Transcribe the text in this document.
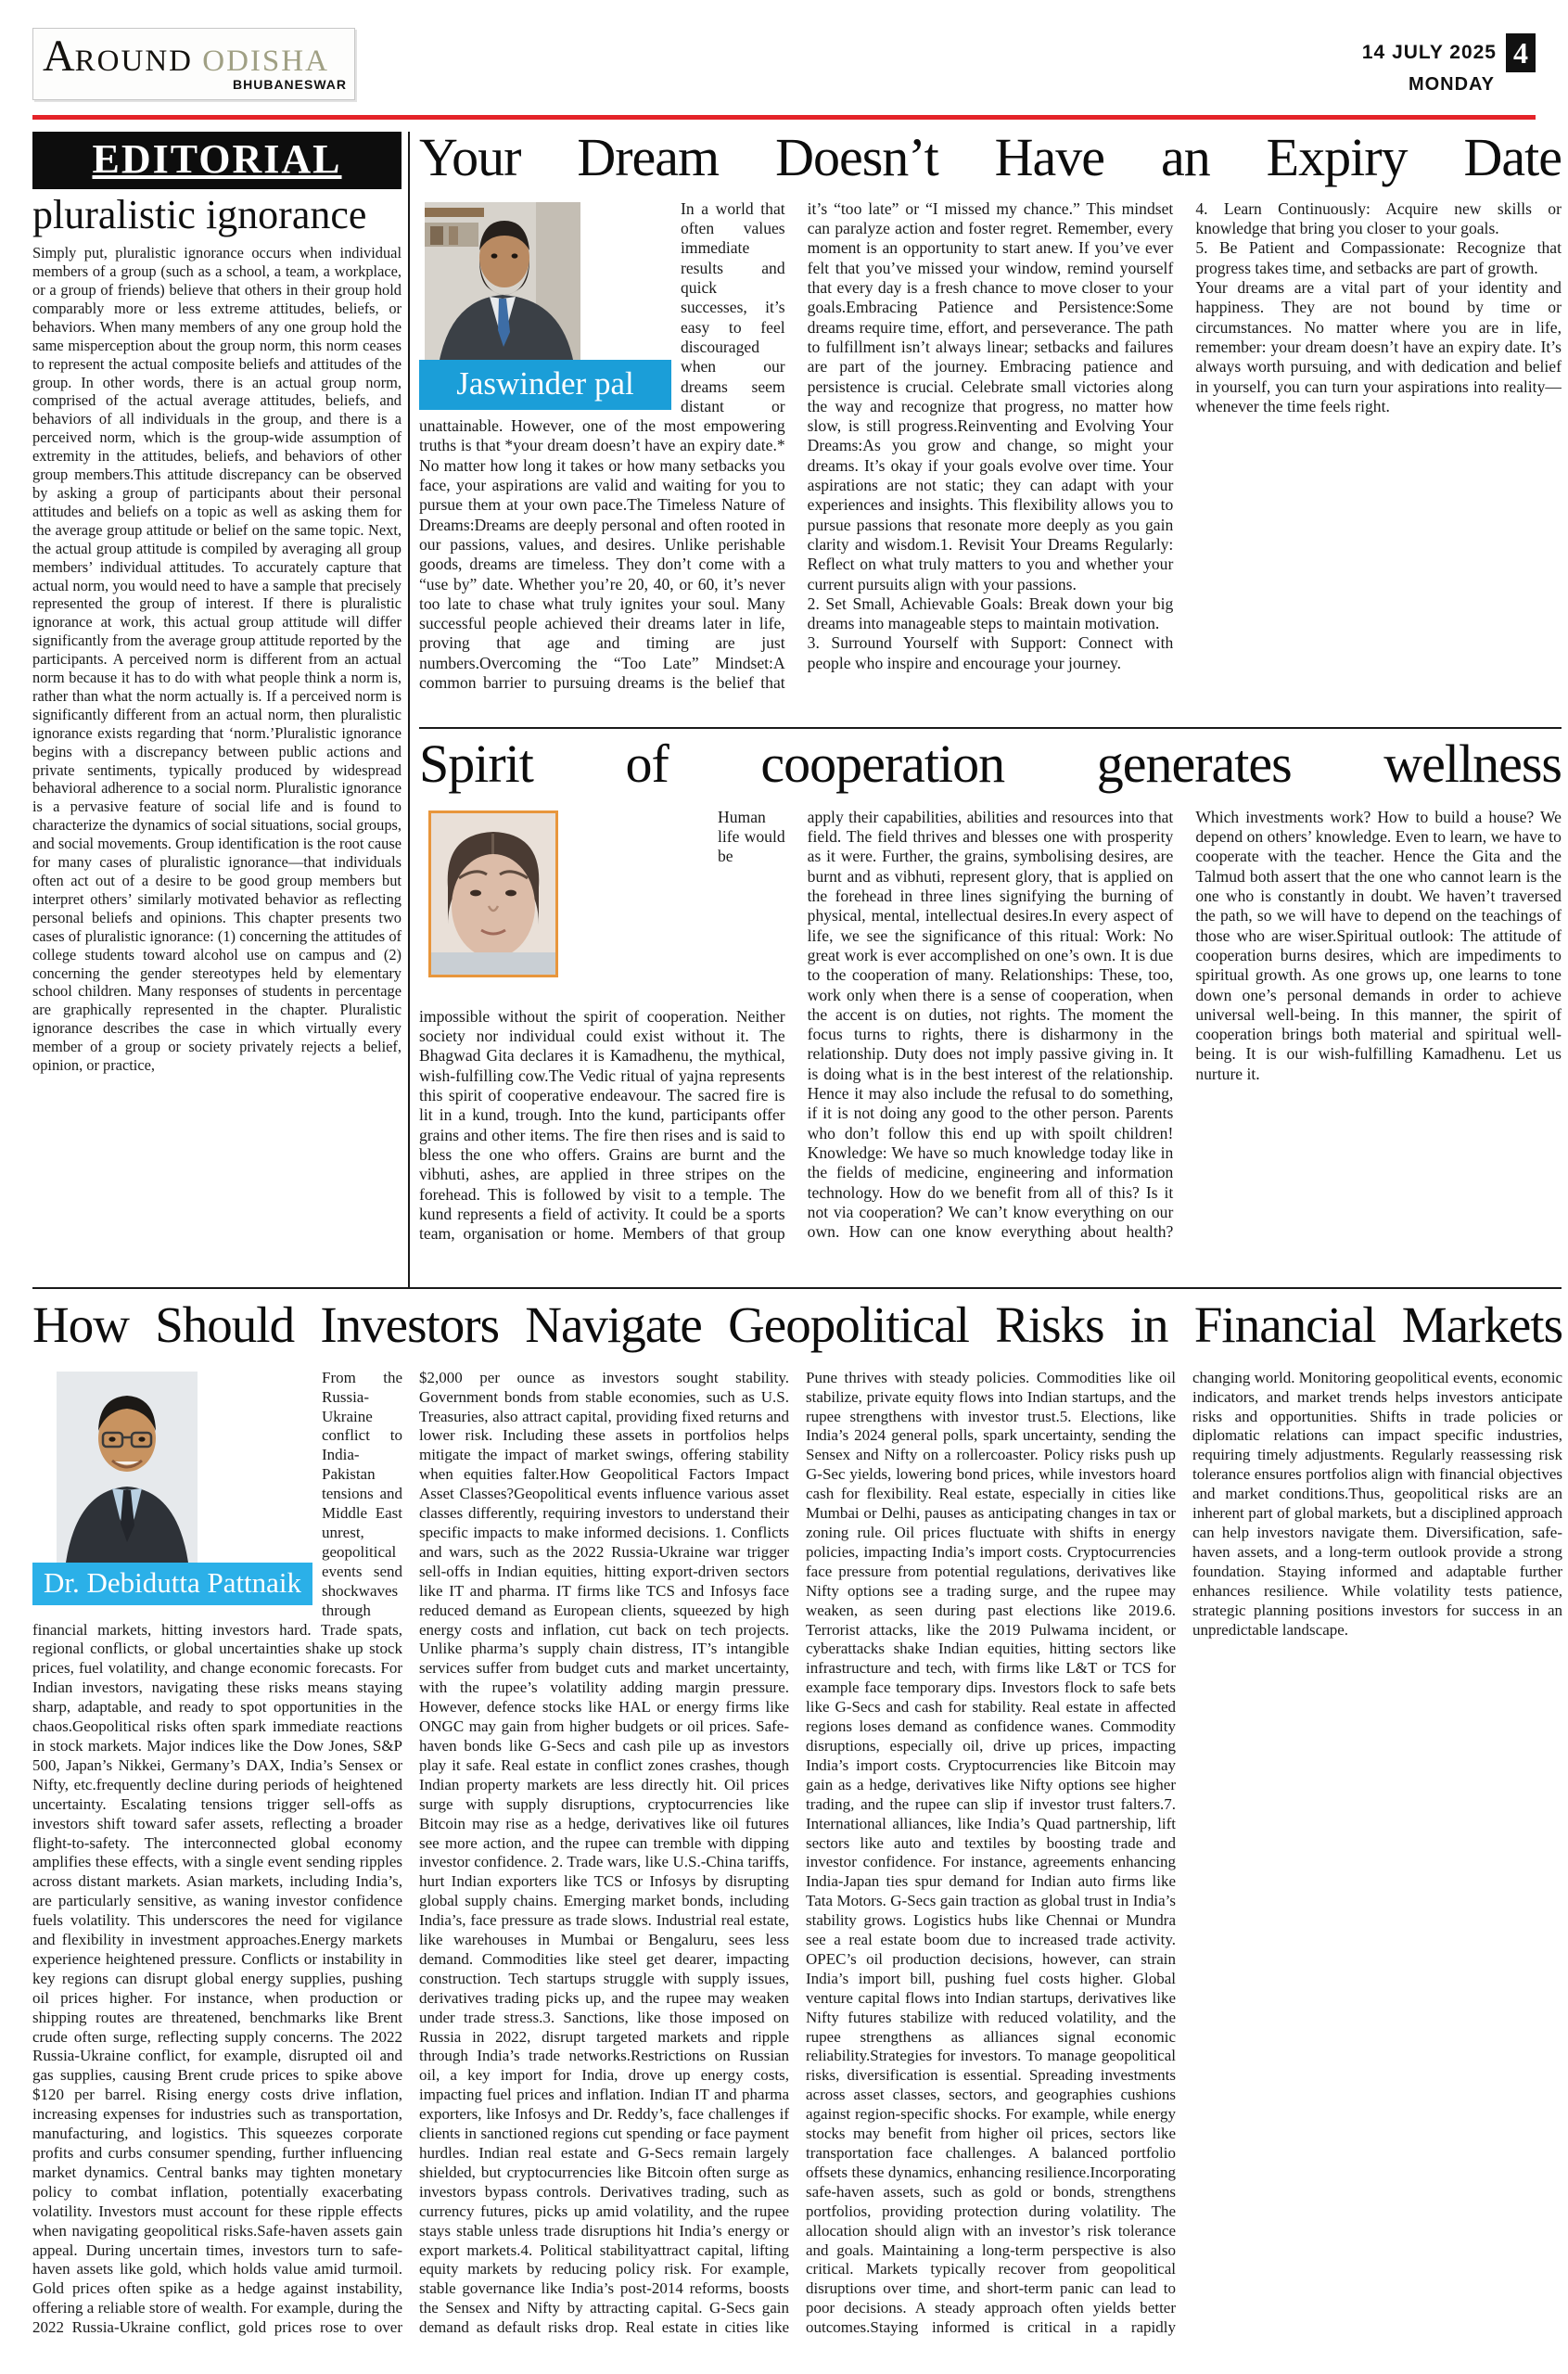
AROUND ODISHA
BHUBANESWAR
14 JULY 2025 4
MONDAY
EDITORIAL
pluralistic ignorance
Simply put, pluralistic ignorance occurs when individual members of a group (such as a school, a team, a workplace, or a group of friends) believe that others in their group hold comparably more or less extreme attitudes, beliefs, or behaviors. When many members of any one group hold the same misperception about the group norm, this norm ceases to represent the actual composite beliefs and attitudes of the group. In other words, there is an actual group norm, comprised of the actual average attitudes, beliefs, and behaviors of all individuals in the group, and there is a perceived norm, which is the group-wide assumption of extremity in the attitudes, beliefs, and behaviors of other group members.This attitude discrepancy can be observed by asking a group of participants about their personal attitudes and beliefs on a topic as well as asking them for the average group attitude or belief on the same topic. Next, the actual group attitude is compiled by averaging all group members’ individual attitudes. To accurately capture that actual norm, you would need to have a sample that precisely represented the group of interest. If there is pluralistic ignorance at work, this actual group attitude will differ significantly from the average group attitude reported by the participants. A perceived norm is different from an actual norm because it has to do with what people think a norm is, rather than what the norm actually is. If a perceived norm is significantly different from an actual norm, then pluralistic ignorance exists regarding that ‘norm.’Pluralistic ignorance begins with a discrepancy between public actions and private sentiments, typically produced by widespread behavioral adherence to a social norm. Pluralistic ignorance is a pervasive feature of social life and is found to characterize the dynamics of social situations, social groups, and social movements. Group identification is the root cause for many cases of pluralistic ignorance—that individuals often act out of a desire to be good group members but interpret others’ similarly motivated behavior as reflecting personal beliefs and opinions. This chapter presents two cases of pluralistic ignorance: (1) concerning the attitudes of college students toward alcohol use on campus and (2) concerning the gender stereotypes held by elementary school children. Many responses of students in percentage are graphically represented in the chapter. Pluralistic ignorance describes the case in which virtually every member of a group or society privately rejects a belief, opinion, or practice,
Your Dream Doesn’t Have an Expiry Date
Jaswinder pal

In a world that often values immediate results and quick successes, it’s easy to feel discouraged when our dreams seem distant or unattainable. However, one of the most empowering truths is that *your dream doesn’t have an expiry date.* No matter how long it takes or how many setbacks you face, your aspirations are valid and waiting for you to pursue them at your own pace.The Timeless Nature of Dreams:Dreams are deeply personal and often rooted in our passions, values, and desires. Unlike perishable goods, dreams are timeless. They don’t come with a “use by” date. Whether you’re 20, 40, or 60, it’s never too late to chase what truly ignites your soul. Many successful people achieved their dreams later in life, proving that age and timing are just numbers.Overcoming the “Too Late” Mindset:A common barrier to pursuing dreams is the belief that it’s “too late” or “I missed my chance.” This mindset can paralyze action and foster regret. Remember, every moment is an opportunity to start anew. If you’ve ever felt that you’ve missed your window, remind yourself that every day is a fresh chance to move closer to your goals.Embracing Patience and Persistence:Some dreams require time, effort, and perseverance. The path to fulfillment isn’t always linear; setbacks and failures are part of the journey. Embracing patience and persistence is crucial. Celebrate small victories along the way and recognize that progress, no matter how slow, is still progress.Reinventing and Evolving Your Dreams:As you grow and change, so might your dreams. It’s okay if your goals evolve over time. Your aspirations are not static; they can adapt with your experiences and insights. This flexibility allows you to pursue passions that resonate more deeply as you gain clarity and wisdom.1. Revisit Your Dreams Regularly: Reflect on what truly matters to you and whether your current pursuits align with your passions.

2. Set Small, Achievable Goals: Break down your big dreams into manageable steps to maintain motivation.

3. Surround Yourself with Support: Connect with people who inspire and encourage your journey.

4. Learn Continuously: Acquire new skills or knowledge that bring you closer to your goals.

5. Be Patient and Compassionate: Recognize that progress takes time, and setbacks are part of growth.

Your dreams are a vital part of your identity and happiness. They are not bound by time or circumstances. No matter where you are in life, remember: your dream doesn’t have an expiry date. It’s always worth pursuing, and with dedication and belief in yourself, you can turn your aspirations into reality—whenever the time feels right.

Spirit of cooperation generates wellness
Arundhati
Devi

Human life would be impossible without the spirit of cooperation. Neither society nor individual could exist without it. The Bhagwad Gita declares it is Kamadhenu, the mythical, wish-fulfilling cow.The Vedic ritual of yajna represents this spirit of cooperative endeavour. The sacred fire is lit in a kund, trough. Into the kund, participants offer grains and other items. The fire then rises and is said to bless the one who offers. Grains are burnt and the vibhuti, ashes, are applied in three stripes on the forehead. This is followed by visit to a temple. The kund represents a field of activity. It could be a sports team, organisation or home. Members of that group apply their capabilities, abilities and resources into that field. The field thrives and blesses one with prosperity as it were. Further, the grains, symbolising desires, are burnt and as vibhuti, represent glory, that is applied on the forehead in three lines signifying the burning of physical, mental, intellectual desires.In every aspect of life, we see the significance of this ritual: Work: No great work is ever accomplished on one’s own. It is due to the cooperation of many. Relationships: These, too, work only when there is a sense of cooperation, when the accent is on duties, not rights. The moment the focus turns to rights, there is disharmony in the relationship. Duty does not imply passive giving in. It is doing what is in the best interest of the relationship. Hence it may also include the refusal to do something, if it is not doing any good to the other person. Parents who don’t follow this end up with spoilt children! Knowledge: We have so much knowledge today like in the fields of medicine, engineering and information technology. How do we benefit from all of this? Is it not via cooperation? We can’t know everything on our own. How can one know everything about health? Which investments work? How to build a house? We depend on others’ knowledge. Even to learn, we have to cooperate with the teacher. Hence the Gita and the Talmud both assert that the one who cannot learn is the one who is constantly in doubt. We haven’t traversed the path, so we will have to depend on the teachings of those who are wiser.Spiritual outlook: The attitude of cooperation burns desires, which are impediments to spiritual growth. As one grows up, one learns to tone down one’s personal demands in order to achieve universal well-being. In this manner, the spirit of cooperation brings both material and spiritual well-being. It is our wish-fulfilling Kamadhenu. Let us nurture it.

How Should Investors Navigate Geopolitical Risks in Financial Markets
Dr. Debidutta Pattnaik

From the Russia-Ukraine conflict to India-Pakistan tensions and Middle East unrest, geopolitical events send shockwaves through financial markets, hitting investors hard. Trade spats, regional conflicts, or global uncertainties shake up stock prices, fuel volatility, and change economic forecasts. For Indian investors, navigating these risks means staying sharp, adaptable, and ready to spot opportunities in the chaos.Geopolitical risks often spark immediate reactions in stock markets. Major indices like the Dow Jones, S&P 500, Japan’s Nikkei, Germany’s DAX, India’s Sensex or Nifty, etc.frequently decline during periods of heightened uncertainty. Escalating tensions trigger sell-offs as investors shift toward safer assets, reflecting a broader flight-to-safety. The interconnected global economy amplifies these effects, with a single event sending ripples across distant markets. Asian markets, including India’s, are particularly sensitive, as waning investor confidence fuels volatility. This underscores the need for vigilance and flexibility in investment approaches.Energy markets experience heightened pressure. Conflicts or instability in key regions can disrupt global energy supplies, pushing oil prices higher. For instance, when production or shipping routes are threatened, benchmarks like Brent crude often surge, reflecting supply concerns. The 2022 Russia-Ukraine conflict, for example, disrupted oil and gas supplies, causing Brent crude prices to spike above $120 per barrel. Rising energy costs drive inflation, increasing expenses for industries such as transportation, manufacturing, and logistics. This squeezes corporate profits and curbs consumer spending, further influencing market dynamics. Central banks may tighten monetary policy to combat inflation, potentially exacerbating volatility. Investors must account for these ripple effects when navigating geopolitical risks.Safe-haven assets gain appeal. During uncertain times, investors turn to safe-haven assets like gold, which holds value amid turmoil. Gold prices often spike as a hedge against instability, offering a reliable store of wealth. For example, during the 2022 Russia-Ukraine conflict, gold prices rose to over $2,000 per ounce as investors sought stability. Government bonds from stable economies, such as U.S. Treasuries, also attract capital, providing fixed returns and lower risk. Including these assets in portfolios helps mitigate the impact of market swings, offering stability when equities falter.How Geopolitical Factors Impact Asset Classes?Geopolitical events influence various asset classes differently, requiring investors to understand their specific impacts to make informed decisions. 1. Conflicts and wars, such as the 2022 Russia-Ukraine war trigger sell-offs in Indian equities, hitting export-driven sectors like IT and pharma. IT firms like TCS and Infosys face reduced demand as European clients, squeezed by high energy costs and inflation, cut back on tech projects. Unlike pharma’s supply chain distress, IT’s intangible services suffer from budget cuts and market uncertainty, with the rupee’s volatility adding margin pressure. However, defence stocks like HAL or energy firms like ONGC may gain from higher budgets or oil prices. Safe-haven bonds like G-Secs and cash pile up as investors play it safe. Real estate in conflict zones crashes, though Indian property markets are less directly hit. Oil prices surge with supply disruptions, cryptocurrencies like Bitcoin may rise as a hedge, derivatives like oil futures see more action, and the rupee can tremble with dipping investor confidence. 2. Trade wars, like U.S.-China tariffs, hurt Indian exporters like TCS or Infosys by disrupting global supply chains. Emerging market bonds, including India’s, face pressure as trade slows. Industrial real estate, like warehouses in Mumbai or Bengaluru, sees less demand. Commodities like steel get dearer, impacting construction. Tech startups struggle with supply issues, derivatives trading picks up, and the rupee may weaken under trade stress.3. Sanctions, like those imposed on Russia in 2022, disrupt targeted markets and ripple through India’s trade networks.Restrictions on Russian oil, a key import for India, drove up energy costs, impacting fuel prices and inflation. Indian IT and pharma exporters, like Infosys and Dr. Reddy’s, face challenges if clients in sanctioned regions cut spending or face payment hurdles. Indian real estate and G-Secs remain largely shielded, but cryptocurrencies like Bitcoin often surge as investors bypass controls. Derivatives trading, such as currency futures, picks up amid volatility, and the rupee stays stable unless trade disruptions hit India’s energy or export markets.4. Political stabilityattract capital, lifting equity markets by reducing policy risk. For example, stable governance like India’s post-2014 reforms, boosts the Sensex and Nifty by attracting capital. G-Secs gain demand as default risks drop. Real estate in cities like Pune thrives with steady policies. Commodities like oil stabilize, private equity flows into Indian startups, and the rupee strengthens with investor trust.5. Elections, like India’s 2024 general polls, spark uncertainty, sending the Sensex and Nifty on a rollercoaster. Policy risks push up G-Sec yields, lowering bond prices, while investors hoard cash for flexibility. Real estate, especially in cities like Mumbai or Delhi, pauses as anticipating changes in tax or zoning rule. Oil prices fluctuate with shifts in energy policies, impacting India’s import costs. Cryptocurrencies face pressure from potential regulations, derivatives like Nifty options see a trading surge, and the rupee may weaken, as seen during past elections like 2019.6. Terrorist attacks, like the 2019 Pulwama incident, or cyberattacks shake Indian equities, hitting sectors like infrastructure and tech, with firms like L&T or TCS for example face temporary dips. Investors flock to safe bets like G-Secs and cash for stability. Real estate in affected regions loses demand as confidence wanes. Commodity disruptions, especially oil, drive up prices, impacting India’s import costs. Cryptocurrencies like Bitcoin may gain as a hedge, derivatives like Nifty options see higher trading, and the rupee can slip if investor trust falters.7. International alliances, like India’s Quad partnership, lift sectors like auto and textiles by boosting trade and investor confidence. For instance, agreements enhancing India-Japan ties spur demand for Indian auto firms like Tata Motors. G-Secs gain traction as global trust in India’s stability grows. Logistics hubs like Chennai or Mundra see a real estate boom due to increased trade activity. OPEC’s oil production decisions, however, can strain India’s import bill, pushing fuel costs higher. Global venture capital flows into Indian startups, derivatives like Nifty futures stabilize with reduced volatility, and the rupee strengthens as alliances signal economic reliability.Strategies for investors. To manage geopolitical risks, diversification is essential. Spreading investments across asset classes, sectors, and geographies cushions against region-specific shocks. For example, while energy stocks may benefit from higher oil prices, sectors like transportation face challenges. A balanced portfolio offsets these dynamics, enhancing resilience.Incorporating safe-haven assets, such as gold or bonds, strengthens portfolios, providing protection during volatility. The allocation should align with an investor’s risk tolerance and goals. Maintaining a long-term perspective is also critical. Markets typically recover from geopolitical disruptions over time, and short-term panic can lead to poor decisions. A steady approach often yields better outcomes.Staying informed is critical in a rapidly changing world. Monitoring geopolitical events, economic indicators, and market trends helps investors anticipate risks and opportunities. Shifts in trade policies or diplomatic relations can impact specific industries, requiring timely adjustments. Regularly reassessing risk tolerance ensures portfolios align with financial objectives and market conditions.Thus, geopolitical risks are an inherent part of global markets, but a disciplined approach can help investors navigate them. Diversification, safe-haven assets, and a long-term outlook provide a strong foundation. Staying informed and adaptable further enhances resilience. While volatility tests patience, strategic planning positions investors for success in an unpredictable landscape.
